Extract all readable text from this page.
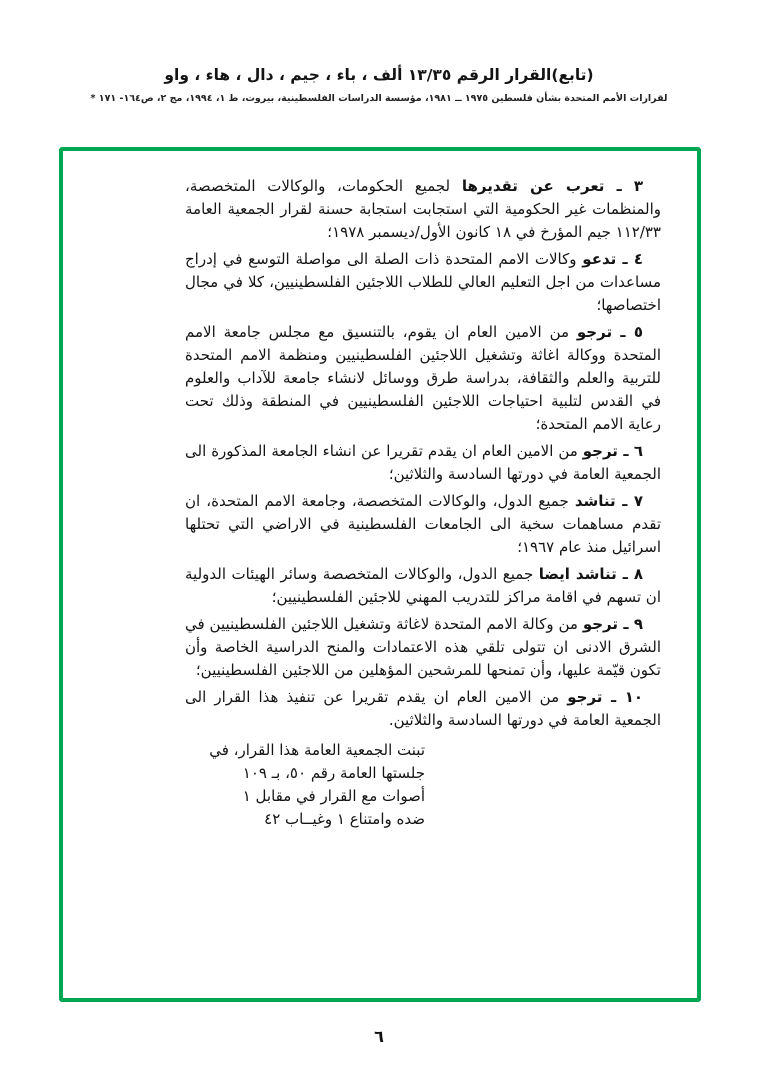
(تابع)القرار الرقم ١٣/٣٥ ألف ، باء ، جيم ، دال ، هاء ، واو
لقرارات الأمم المتحدة بشأن فلسطين ١٩٧٥ ــ ١٩٨١، مؤسسة الدراسات الفلسطينية، بيروت، ط ١، ١٩٩٤، مج ٢، ص١٦٤- ١٧١ *

٣ ـ تعرب عن تقديرها لجميع الحكومات، والوكالات المتخصصة، والمنظمات غير الحكومية التي استجابت استجابة حسنة لقرار الجمعية العامة ١١٢/٣٣ جيم المؤرخ في ١٨ كانون الأول/ديسمبر ١٩٧٨؛

٤ ـ تدعو وكالات الامم المتحدة ذات الصلة الى مواصلة التوسع في إدراج مساعدات من اجل التعليم العالي للطلاب اللاجئين الفلسطينيين، كلا في مجال اختصاصها؛

٥ ـ ترجو من الامين العام ان يقوم، بالتنسيق مع مجلس جامعة الامم المتحدة ووكالة اغاثة وتشغيل اللاجئين الفلسطينيين ومنظمة الامم المتحدة للتربية والعلم والثقافة، بدراسة طرق ووسائل لانشاء جامعة للآداب والعلوم في القدس لتلبية احتياجات اللاجئين الفلسطينيين في المنطقة وذلك تحت رعاية الامم المتحدة؛

٦ ـ ترجو من الامين العام ان يقدم تقريرا عن انشاء الجامعة المذكورة الى الجمعية العامة في دورتها السادسة والثلاثين؛

٧ ـ تناشد جميع الدول، والوكالات المتخصصة، وجامعة الامم المتحدة، ان تقدم مساهمات سخية الى الجامعات الفلسطينية في الاراضي التي تحتلها اسرائيل منذ عام ١٩٦٧؛

٨ ـ تناشد ايضا جميع الدول، والوكالات المتخصصة وسائر الهيئات الدولية ان تسهم في اقامة مراكز للتدريب المهني للاجئين الفلسطينيين؛

٩ ـ ترجو من وكالة الامم المتحدة لاغاثة وتشغيل اللاجئين الفلسطينيين في الشرق الادنى ان تتولى تلقي هذه الاعتمادات والمنح الدراسية الخاصة وأن تكون قيّمة عليها، وأن تمنحها للمرشحين المؤهلين من اللاجئين الفلسطينيين؛

١٠ ـ ترجو من الامين العام ان يقدم تقريرا عن تنفيذ هذا القرار الى الجمعية العامة في دورتها السادسة والثلاثين.

تبنت الجمعية العامة هذا القرار، في
جلستها العامة رقم ٥٠، بـ ١٠٩
أصوات مع القرار في مقابل ١
ضده وامتناع ١ وغيــاب ٤٢
٦
